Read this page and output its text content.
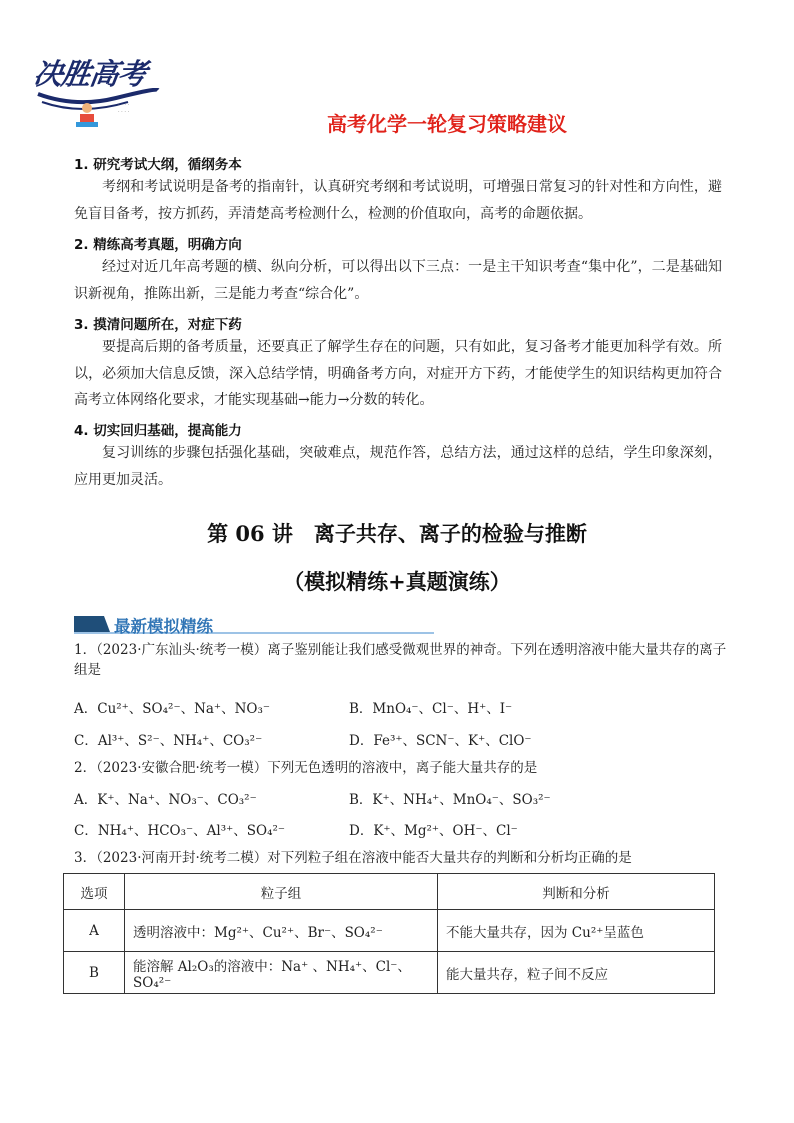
决胜高考
· · · ·
· · · ·	高考化学一轮复习策略建议
1. 研究考试大纲，循纲务本
考纲和考试说明是备考的指南针，认真研究考纲和考试说明，可增强日常复习的针对性和方向性，避免盲目备考，按方抓药，弄清楚高考检测什么，检测的价值取向，高考的命题依据。
2. 精练高考真题，明确方向
经过对近几年高考题的横、纵向分析，可以得出以下三点：一是主干知识考查“集中化”，二是基础知识新视角，推陈出新，三是能力考查“综合化”。
3. 摸清问题所在，对症下药
要提高后期的备考质量，还要真正了解学生存在的问题，只有如此，复习备考才能更加科学有效。所以，必须加大信息反馈，深入总结学情，明确备考方向，对症开方下药，才能使学生的知识结构更加符合高考立体网络化要求，才能实现基础→能力→分数的转化。
4. 切实回归基础，提高能力
复习训练的步骤包括强化基础，突破难点，规范作答，总结方法，通过这样的总结，学生印象深刻，应用更加灵活。
第 06 讲　离子共存、离子的检验与推断
（模拟精练+真题演练）
最新模拟精练
1．（2023·广东汕头·统考一模）离子鉴别能让我们感受微观世界的神奇。下列在透明溶液中能大量共存的离子组是
A．Cu²⁺、SO₄²⁻、Na⁺、NO₃⁻	B．MnO₄⁻、Cl⁻、H⁺、I⁻
C．Al³⁺、S²⁻、NH₄⁺、CO₃²⁻	D．Fe³⁺、SCN⁻、K⁺、ClO⁻
2．（2023·安徽合肥·统考一模）下列无色透明的溶液中，离子能大量共存的是
A．K⁺、Na⁺、NO₃⁻、CO₃²⁻	B．K⁺、NH₄⁺、MnO₄⁻、SO₃²⁻
C．NH₄⁺、HCO₃⁻、Al³⁺、SO₄²⁻	D．K⁺、Mg²⁺、OH⁻、Cl⁻
3．（2023·河南开封·统考二模）对下列粒子组在溶液中能否大量共存的判断和分析均正确的是
选项	粒子组	判断和分析
A	透明溶液中：Mg²⁺、Cu²⁺、Br⁻、SO₄²⁻	不能大量共存，因为 Cu²⁺呈蓝色
B	能溶解 Al₂O₃的溶液中：Na⁺ 、NH₄⁺、Cl⁻、SO₄²⁻	能大量共存，粒子间不反应
